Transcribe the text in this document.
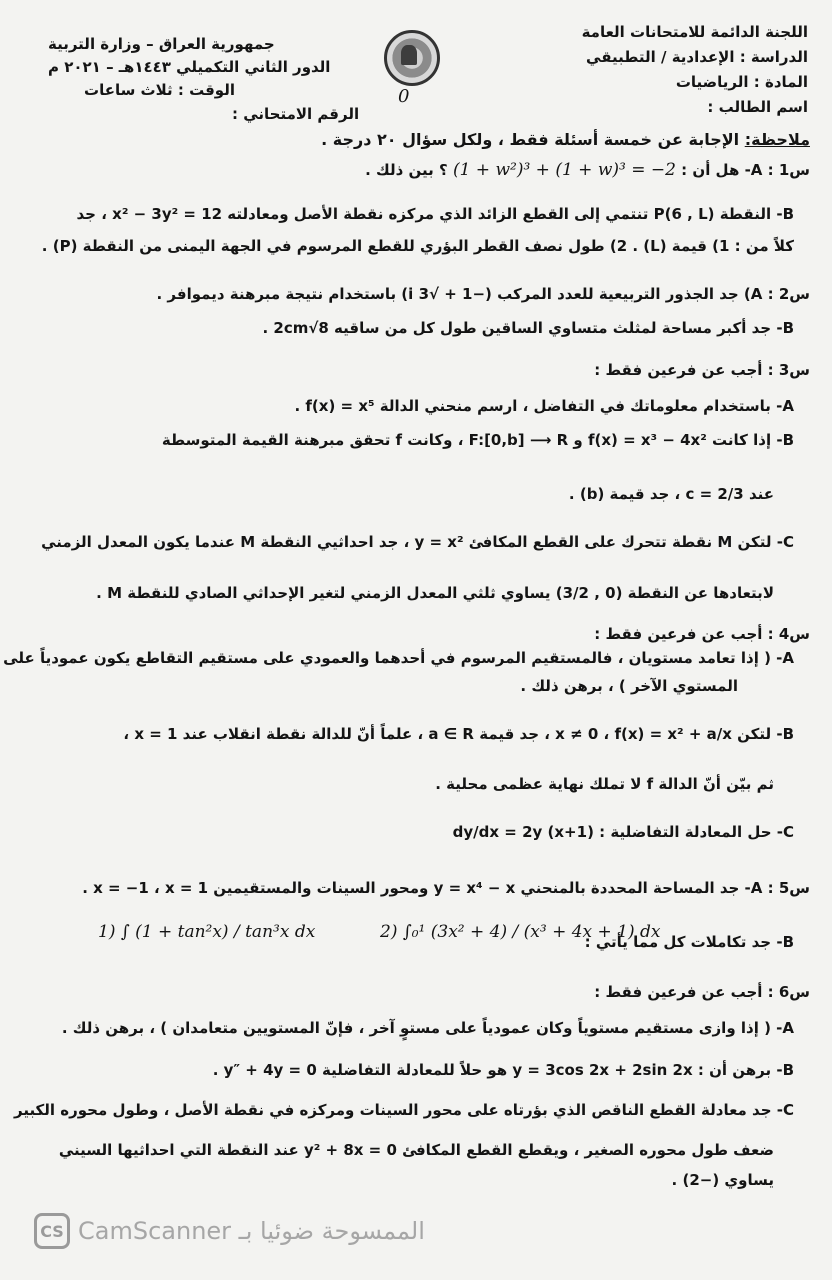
اللجنة الدائمة للامتحانات العامة
الدراسة : الإعدادية / التطبيقي
المادة : الرياضيات
اسم الطالب :
0
جمهورية العراق – وزارة التربية
الدور الثاني التكميلي ١٤٤٣هـ – ٢٠٢١ م
الوقت : ثلاث ساعات
الرقم الامتحاني :
ملاحظة: الإجابة عن خمسة أسئلة فقط ، ولكل سؤال ٢٠ درجة .
س1 : A- هل أن : (1 + w²)³ + (1 + w)³ = −2 ؟ بين ذلك .
B- النقطة P(6 , L) تنتمي إلى القطع الزائد الذي مركزه نقطة الأصل ومعادلته x² − 3y² = 12 ، جد
كلاً من : 1) قيمة (L) . 2) طول نصف القطر البؤري للقطع المرسوم في الجهة اليمنى من النقطة (P) .
س2 : A) جد الجذور التربيعية للعدد المركب (−1 + √3 i) باستخدام نتيجة مبرهنة ديموافر .
B- جد أكبر مساحة لمثلث متساوي الساقين طول كل من ساقيه 8√2cm .
س3 : أجب عن فرعين فقط :
A- باستخدام معلوماتك في التفاضل ، ارسم منحني الدالة f(x) = x⁵ .
B- إذا كانت f(x) = x³ − 4x² و F:[0,b] ⟶ R ، وكانت f تحقق مبرهنة القيمة المتوسطة
عند c = 2/3 ، جد قيمة (b) .
C- لتكن M نقطة تتحرك على القطع المكافئ y = x² ، جد احداثيي النقطة M عندما يكون المعدل الزمني
لابتعادها عن النقطة (0 , 3/2) يساوي ثلثي المعدل الزمني لتغير الإحداثي الصادي للنقطة M .
س4 : أجب عن فرعين فقط :
A- ( إذا تعامد مستويان ، فالمستقيم المرسوم في أحدهما والعمودي على مستقيم التقاطع يكون عمودياً على
المستوي الآخر ) ، برهن ذلك .
B- لتكن x ≠ 0 ، f(x) = x² + a/x ، جد قيمة a ∈ R ، علماً أنّ للدالة نقطة انقلاب عند x = 1 ،
ثم بيّن أنّ الدالة f لا تملك نهاية عظمى محلية .
C- حل المعادلة التفاضلية : (x+1) dy/dx = 2y
س5 : A- جد المساحة المحددة بالمنحني y = x⁴ − x ومحور السينات والمستقيمين x = −1 ، x = 1 .
B- جد تكاملات كل مما يأتي :
2) ∫₀¹ (3x² + 4) / (x³ + 4x + 1) dx
1) ∫ (1 + tan²x) / tan³x dx
س6 : أجب عن فرعين فقط :
A- ( إذا وازى مستقيم مستوياً وكان عمودياً على مستوٍ آخر ، فإنّ المستويين متعامدان ) ، برهن ذلك .
B- برهن أن : y = 3cos 2x + 2sin 2x هو حلاً للمعادلة التفاضلية y″ + 4y = 0 .
C- جد معادلة القطع الناقص الذي بؤرتاه على محور السينات ومركزه في نقطة الأصل ، وطول محوره الكبير
ضعف طول محوره الصغير ، ويقطع القطع المكافئ y² + 8x = 0 عند النقطة التي احداثيها السيني
يساوي (−2) .
CS CamScanner الممسوحة ضوئيا بـ
